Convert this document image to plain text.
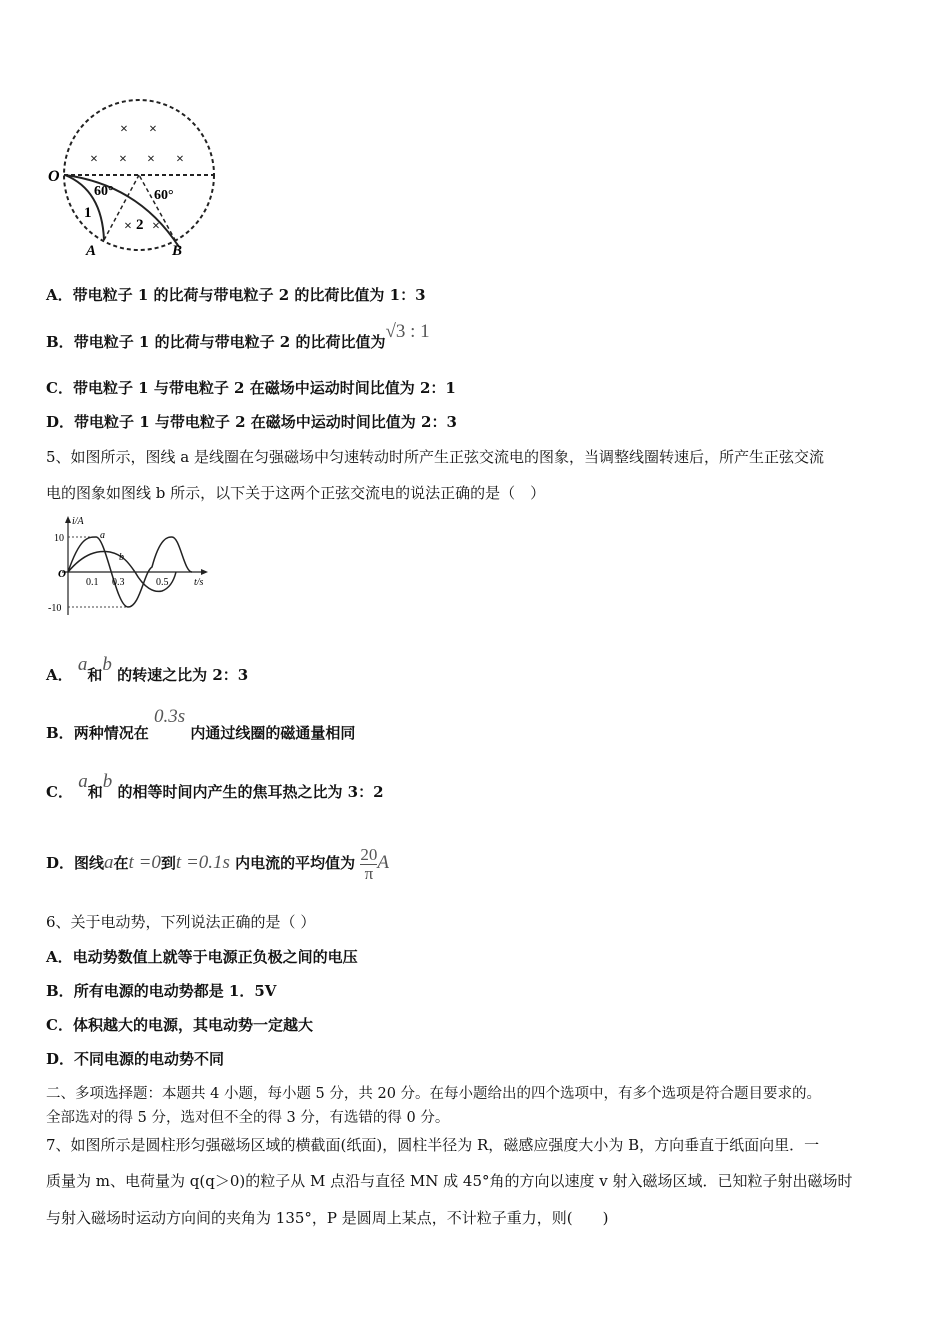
× ×
× × × ×
× ×
O
1
2
60°	60°
A	B
A．带电粒子 1 的比荷与带电粒子 2 的比荷比值为 1：3
B．带电粒子 1 的比荷与带电粒子 2 的比荷比值为√3 : 1
C．带电粒子 1 与带电粒子 2 在磁场中运动时间比值为 2：1
D．带电粒子 1 与带电粒子 2 在磁场中运动时间比值为 2：3
5、如图所示，图线 a 是线圈在匀强磁场中匀速转动时所产生正弦交流电的图象，当调整线圈转速后，所产生正弦交流
电的图象如图线 b 所示，以下关于这两个正弦交流电的说法正确的是（　）
i/A
t/s
O
10
-10
0.1 0.3	0.5
a
b
A． a和b 的转速之比为 2：3
B．两种情况在 0.3s 内通过线圈的磁通量相同
C． a和b 的相等时间内产生的焦耳热之比为 3：2
D．图线a在t =0到t =0.1s 内电流的平均值为 $\frac{20}{\pi}$ A
6、关于电动势，下列说法正确的是（ ）
A．电动势数值上就等于电源正负极之间的电压
B．所有电源的电动势都是 1．5V
C．体积越大的电源，其电动势一定越大
D．不同电源的电动势不同
二、多项选择题：本题共 4 小题，每小题 5 分，共 20 分。在每小题给出的四个选项中，有多个选项是符合题目要求的。
全部选对的得 5 分，选对但不全的得 3 分，有选错的得 0 分。
7、如图所示是圆柱形匀强磁场区域的横截面(纸面)，圆柱半径为 R，磁感应强度大小为 B，方向垂直于纸面向里．一
质量为 m、电荷量为 q(q＞0)的粒子从 M 点沿与直径 MN 成 45°角的方向以速度 v 射入磁场区域．已知粒子射出磁场时
与射入磁场时运动方向间的夹角为 135°，P 是圆周上某点，不计粒子重力，则(　　)
